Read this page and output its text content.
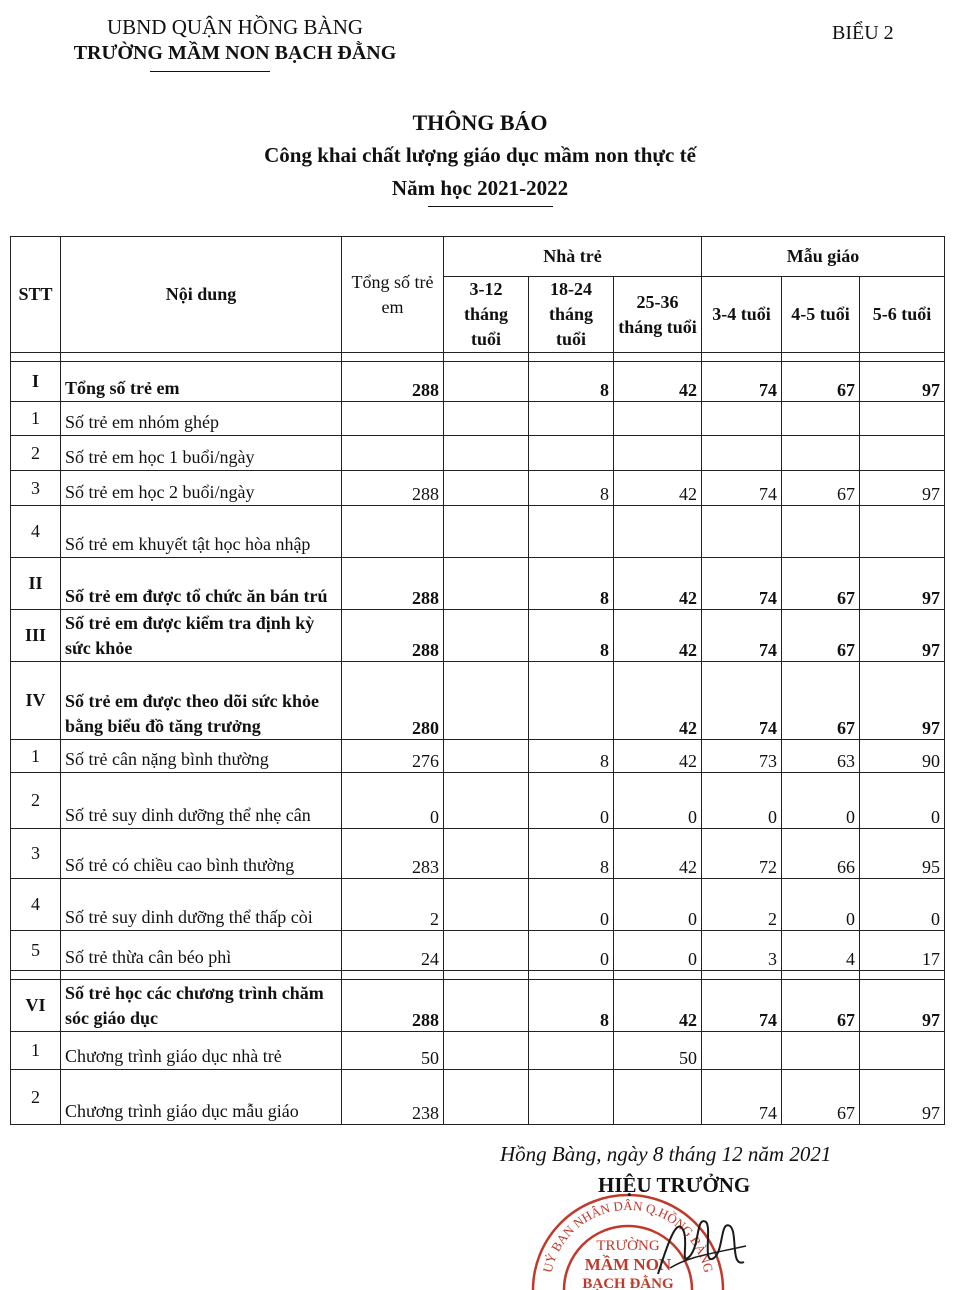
UBND QUẬN HỒNG BÀNG
TRƯỜNG MẦM NON BẠCH ĐẰNG
BIỂU 2
THÔNG BÁO
Công khai chất lượng giáo dục mầm non thực tế
Năm học 2021-2022
STT	Nội dung	Tổng số trẻ em	Nhà trẻ			Mẫu giáo		
			3-12 tháng tuổi	18-24 tháng tuổi	25-36 tháng tuổi	3-4 tuổi	4-5 tuổi	5-6 tuổi

I	Tổng số trẻ em	288		8	42	74	67	97
1	Số trẻ em nhóm ghép							
2	Số trẻ em học 1 buổi/ngày							
3	Số trẻ em học 2 buổi/ngày	288		8	42	74	67	97
4	Số trẻ em khuyết tật học hòa nhập							
II	Số trẻ em được tổ chức ăn bán trú	288		8	42	74	67	97
III	Số trẻ em được kiểm tra định kỳ sức khỏe	288		8	42	74	67	97
IV	Số trẻ em được theo dõi sức khỏe bằng biểu đồ tăng trưởng	280			42	74	67	97
1	Số trẻ cân nặng bình thường	276		8	42	73	63	90
2	Số trẻ suy dinh dưỡng thể nhẹ cân	0		0	0	0	0	0
3	Số trẻ có chiều cao bình thường	283		8	42	72	66	95
4	Số trẻ suy dinh dưỡng thể thấp còi	2		0	0	2	0	0
5	Số trẻ thừa cân béo phì	24		0	0	3	4	17

VI	Số trẻ học các chương trình chăm sóc giáo dục	288		8	42	74	67	97
1	Chương trình giáo dục nhà trẻ	50			50			
2	Chương trình giáo dục mẫu giáo	238				74	67	97
Hồng Bàng, ngày 8 tháng 12 năm 2021
UỶ BAN NHÂN DÂN Q.HỒNG BÀNG
TRƯỜNG
MẦM NON
BẠCH ĐẰNG
HIỆU TRƯỞNG
